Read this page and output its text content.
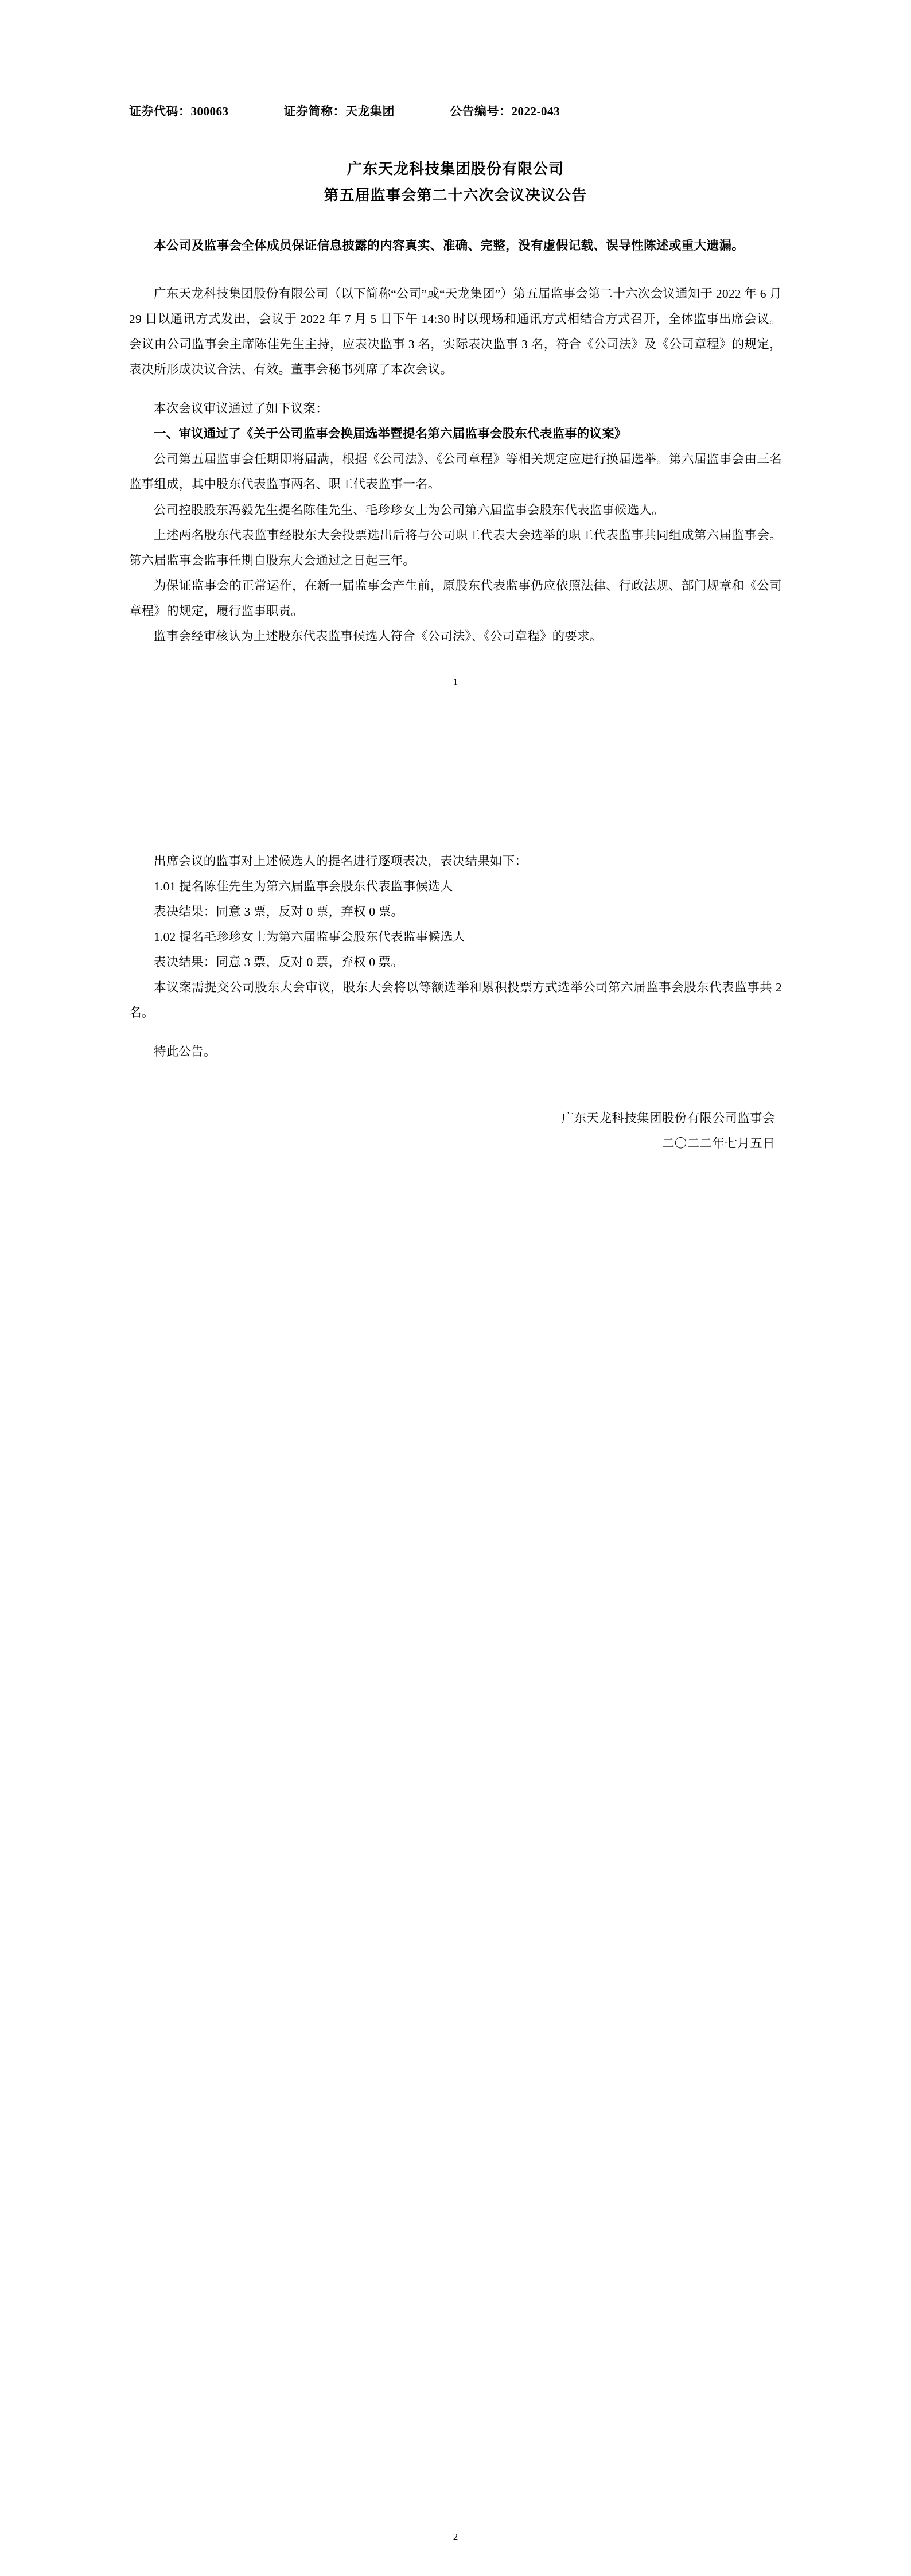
证券代码：300063	证券简称：天龙集团	公告编号：2022-043
广东天龙科技集团股份有限公司
第五届监事会第二十六次会议决议公告
本公司及监事会全体成员保证信息披露的内容真实、准确、完整，没有虚假记载、误导性陈述或重大遗漏。

广东天龙科技集团股份有限公司（以下简称“公司”或“天龙集团”）第五届监事会第二十六次会议通知于 2022 年 6 月 29 日以通讯方式发出，会议于 2022 年 7 月 5 日下午 14:30 时以现场和通讯方式相结合方式召开，全体监事出席会议。会议由公司监事会主席陈佳先生主持，应表决监事 3 名，实际表决监事 3 名，符合《公司法》及《公司章程》的规定，表决所形成决议合法、有效。董事会秘书列席了本次会议。

本次会议审议通过了如下议案：

一、审议通过了《关于公司监事会换届选举暨提名第六届监事会股东代表监事的议案》

公司第五届监事会任期即将届满，根据《公司法》、《公司章程》等相关规定应进行换届选举。第六届监事会由三名监事组成，其中股东代表监事两名、职工代表监事一名。

公司控股股东冯毅先生提名陈佳先生、毛珍珍女士为公司第六届监事会股东代表监事候选人。

上述两名股东代表监事经股东大会投票选出后将与公司职工代表大会选举的职工代表监事共同组成第六届监事会。第六届监事会监事任期自股东大会通过之日起三年。

为保证监事会的正常运作，在新一届监事会产生前，原股东代表监事仍应依照法律、行政法规、部门规章和《公司章程》的规定，履行监事职责。

监事会经审核认为上述股东代表监事候选人符合《公司法》、《公司章程》的要求。

1

出席会议的监事对上述候选人的提名进行逐项表决，表决结果如下：

1.01 提名陈佳先生为第六届监事会股东代表监事候选人

表决结果：同意 3 票，反对 0 票，弃权 0 票。

1.02 提名毛珍珍女士为第六届监事会股东代表监事候选人

表决结果：同意 3 票，反对 0 票，弃权 0 票。

本议案需提交公司股东大会审议，股东大会将以等额选举和累积投票方式选举公司第六届监事会股东代表监事共 2 名。

特此公告。

广东天龙科技集团股份有限公司监事会
二〇二二年七月五日
2
